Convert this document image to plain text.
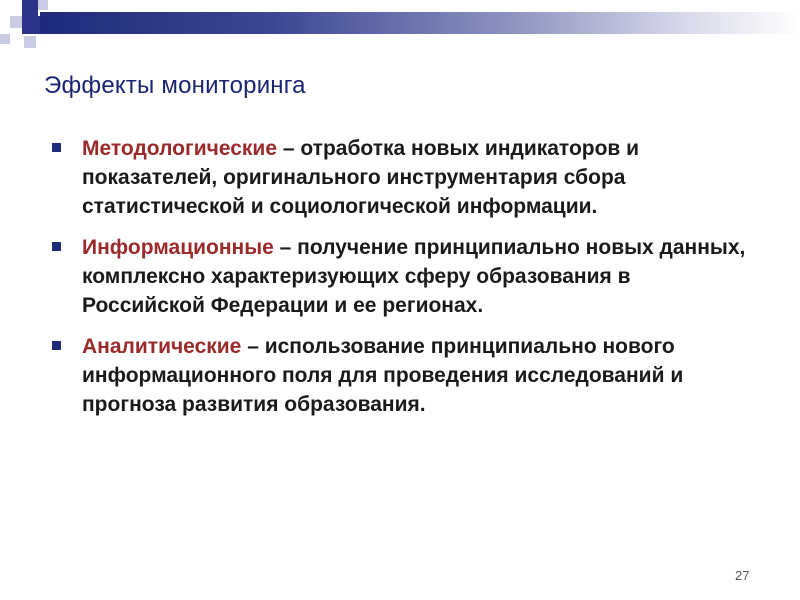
Эффекты мониторинга
Методологические – отработка новых индикаторов и показателей, оригинального инструментария сбора статистической и социологической информации.
Информационные – получение принципиально новых данных, комплексно характеризующих сферу образования в Российской Федерации и ее регионах.
Аналитические – использование принципиально нового информационного поля для проведения исследований и прогноза развития образования.
27
